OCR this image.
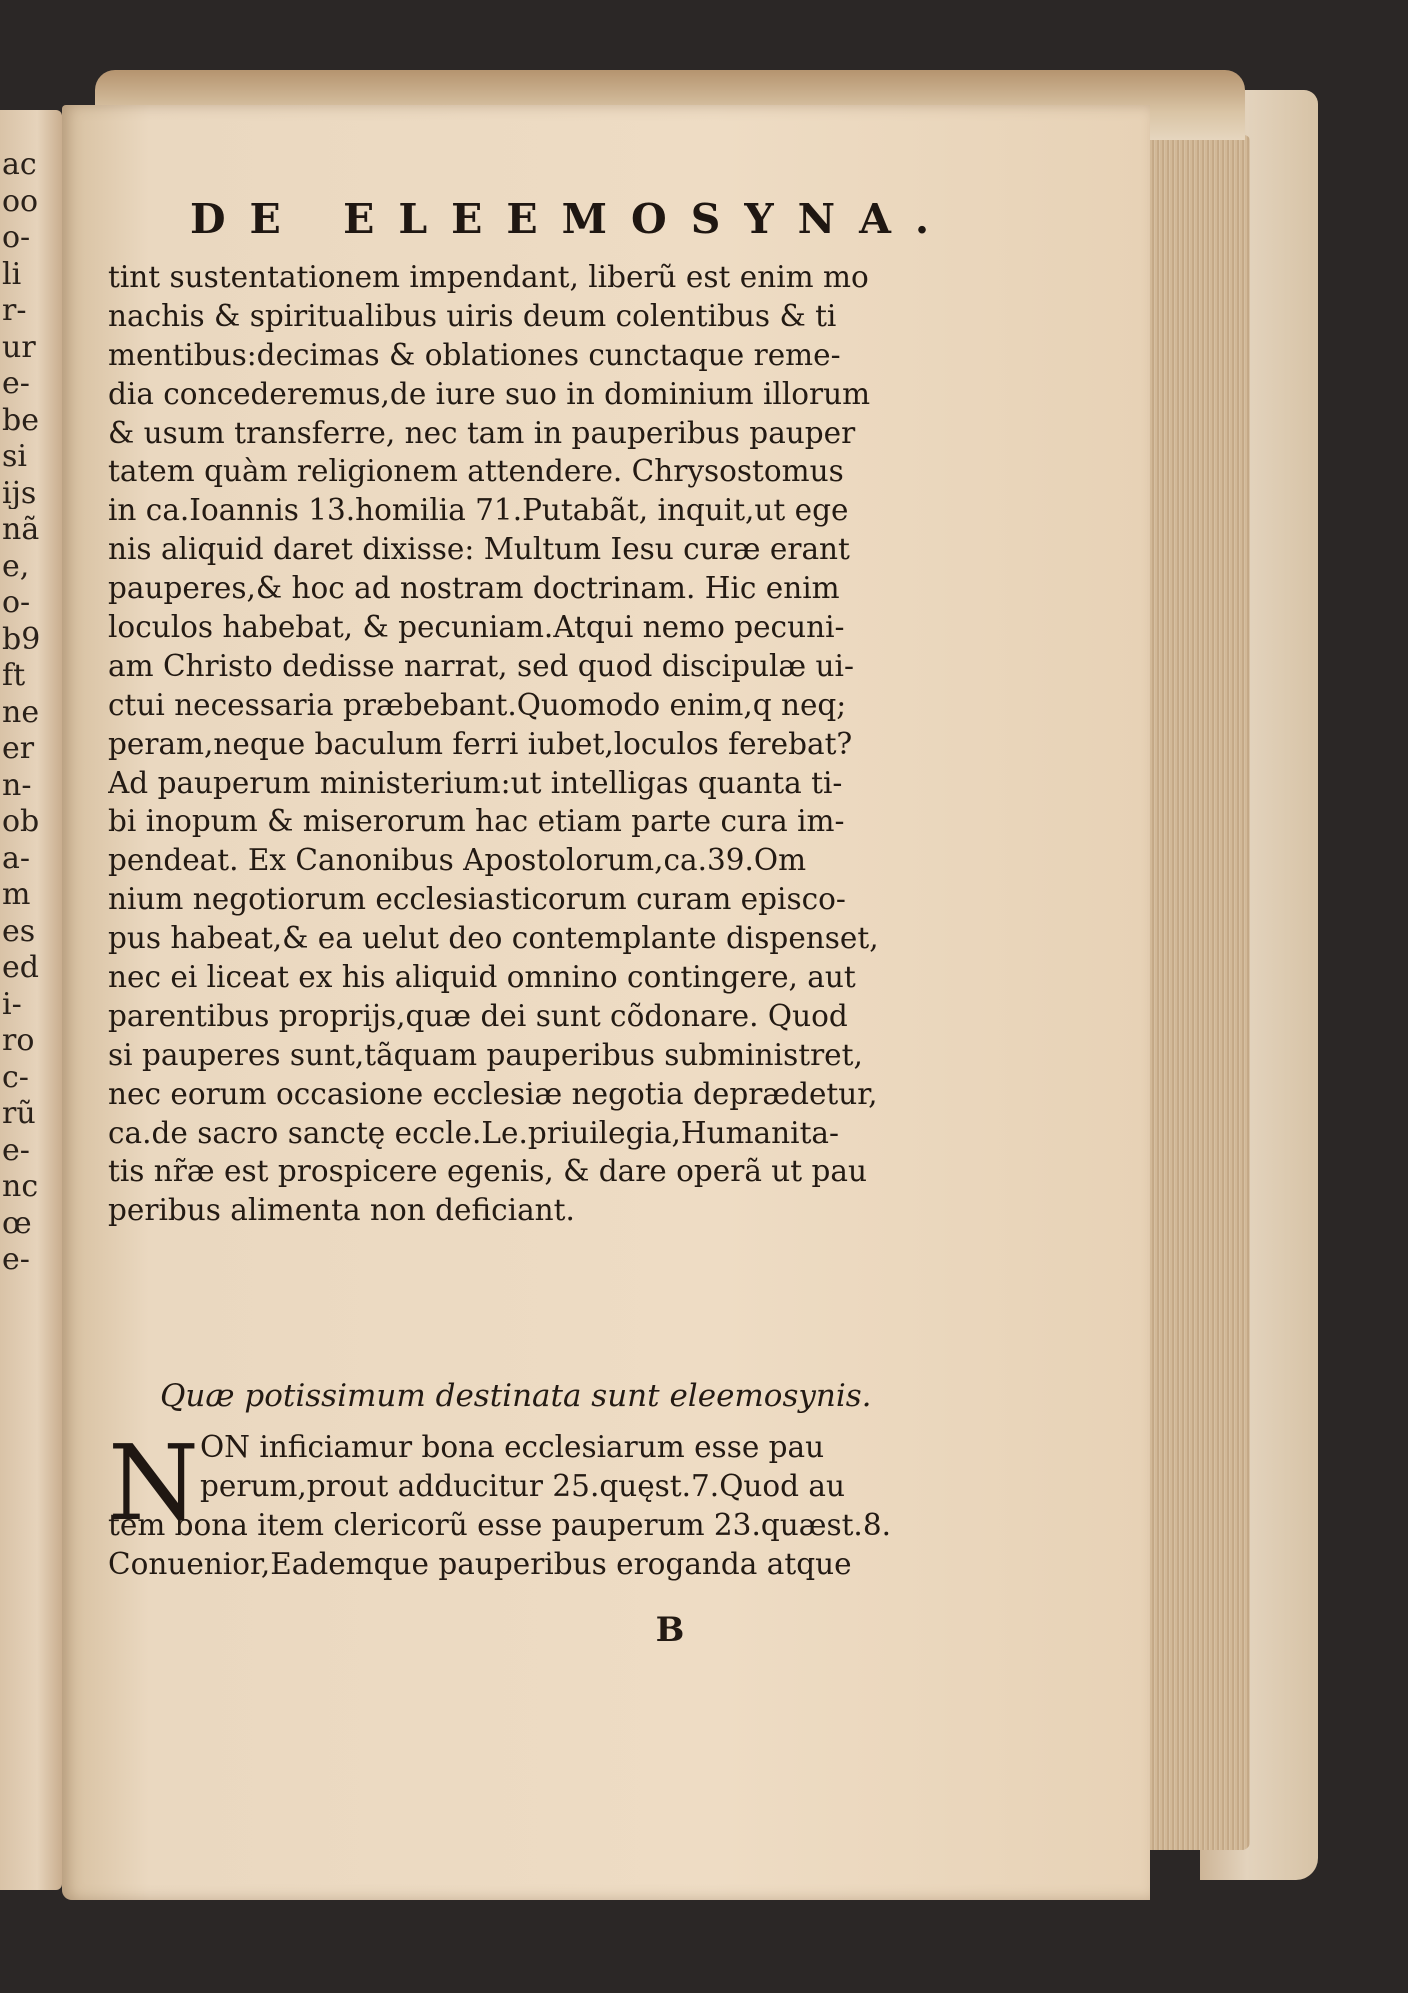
ac
oo
o-
li
r-
ur
e-
be
si
ijs
nã
e,
o-
b9
ft
ne
er
n-
ob
a-
m
es
ed
i-
ro
c-
rũ
e-
nc
œ
e-
DE ELEEMOSYNA.
tint sustentationem impendant, liberũ est enim mo
nachis & spiritualibus uiris deum colentibus & ti
mentibus:decimas & oblationes cunctaque reme-
dia concederemus,de iure suo in dominium illorum
& usum transferre, nec tam in pauperibus pauper
tatem quàm religionem attendere. Chrysostomus
in ca.Ioannis 13.homilia 71.Putabãt, inquit,ut ege
nis aliquid daret dixisse: Multum Iesu curæ erant
pauperes,& hoc ad nostram doctrinam. Hic enim
loculos habebat, & pecuniam.Atqui nemo pecuni-
am Christo dedisse narrat, sed quod discipulæ ui-
ctui necessaria præbebant.Quomodo enim,q neq;
peram,neque baculum ferri iubet,loculos ferebat?
Ad pauperum ministerium:ut intelligas quanta ti-
bi inopum & miserorum hac etiam parte cura im-
pendeat. Ex Canonibus Apostolorum,ca.39.Om
nium negotiorum ecclesiasticorum curam episco-
pus habeat,& ea uelut deo contemplante dispenset,
nec ei liceat ex his aliquid omnino contingere, aut
parentibus proprijs,quæ dei sunt cõdonare. Quod
si pauperes sunt,tãquam pauperibus subministret,
nec eorum occasione ecclesiæ negotia deprædetur,
ca.de sacro sanctę eccle.Le.priuilegia,Humanita-
tis nr̃æ est prospicere egenis, & dare operã ut pau
peribus alimenta non deficiant.
Quæ potissimum destinata sunt eleemosynis.
N ON inficiamur bona ecclesiarum esse pau
perum,prout adducitur 25.quęst.7.Quod au
tem bona item clericorũ esse pauperum 23.quæst.8.
Conuenior,Eademque pauperibus eroganda atque
B
